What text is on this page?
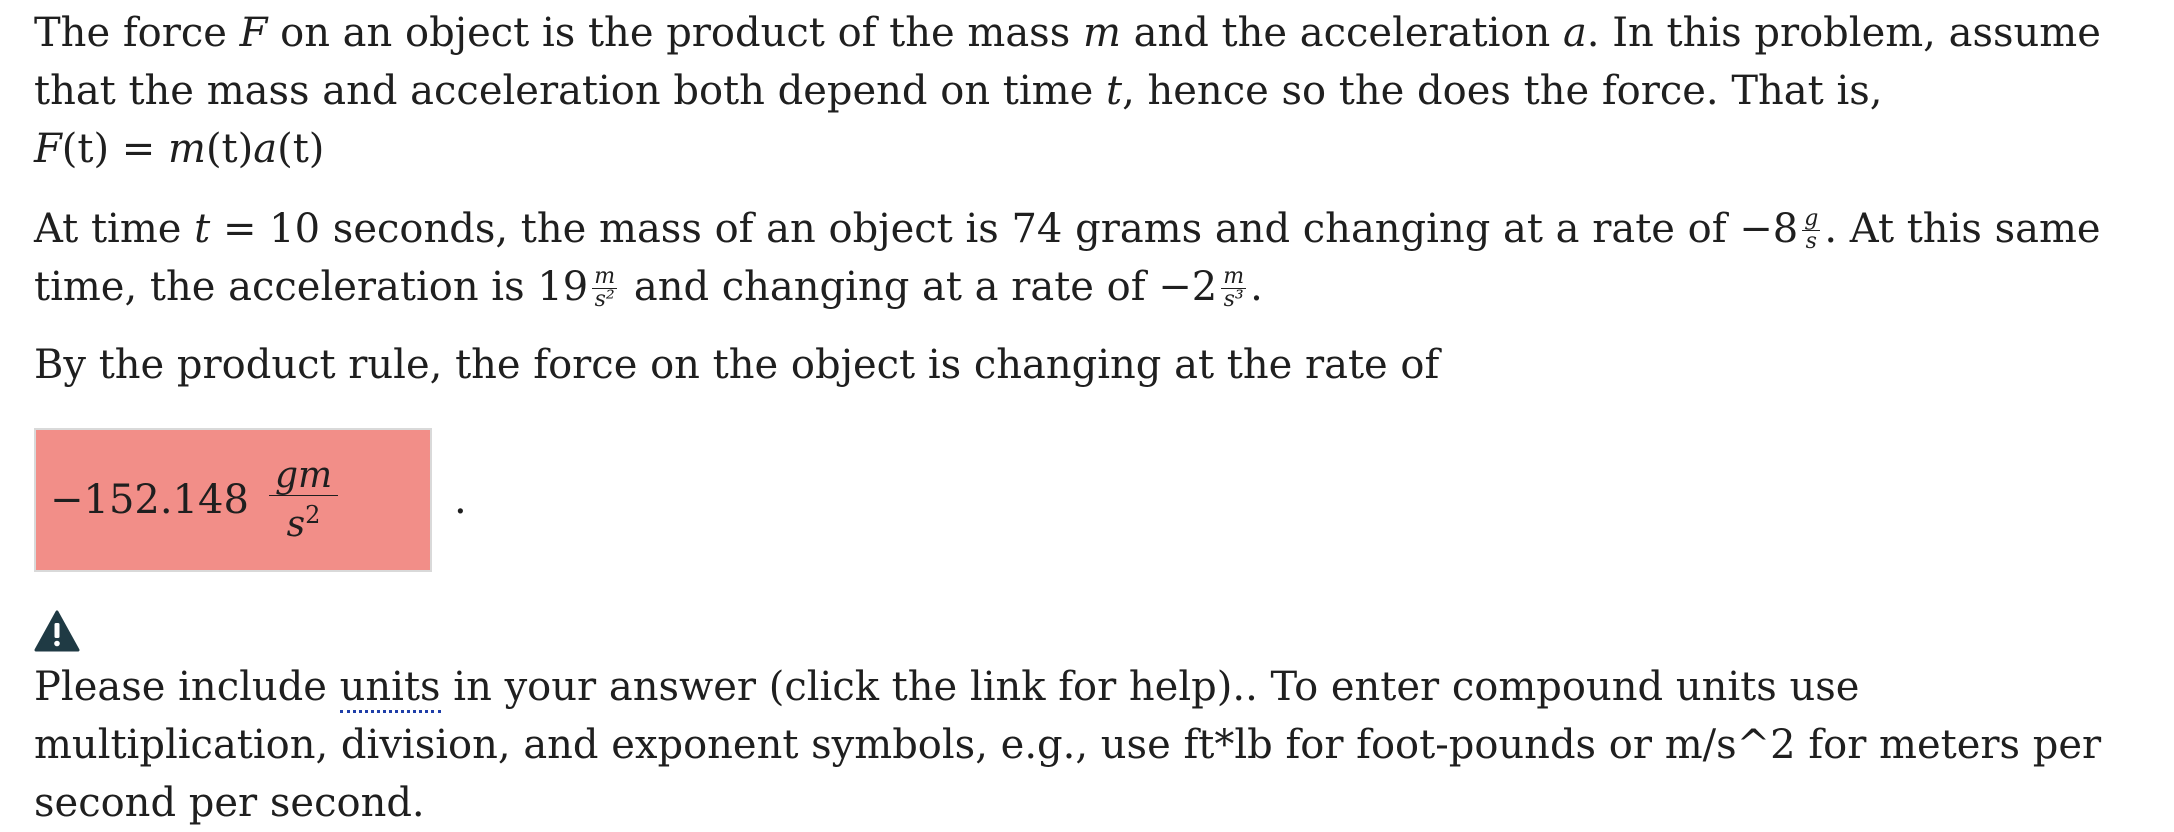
The force F on an object is the product of the mass m and the acceleration a. In this problem, assume that the mass and acceleration both depend on time t, hence so the does the force. That is,

F(t) = m(t)a(t)

At time t = 10 seconds, the mass of an object is 74 grams and changing at a rate of $-8 \frac{g}{s}$ . At this same time, the acceleration is $19 \frac{m}{\text{s²}}$ and changing at a rate of $-2 \frac{m}{\text{s³}}$ .

By the product rule, the force on the object is changing at the rate of

$-152.148 \frac{gm}{s^2}$	.

Please include units in your answer (click the link for help).. To enter compound units use multiplication, division, and exponent symbols, e.g., use ft*lb for foot-pounds or m/s^2 for meters per second per second.
